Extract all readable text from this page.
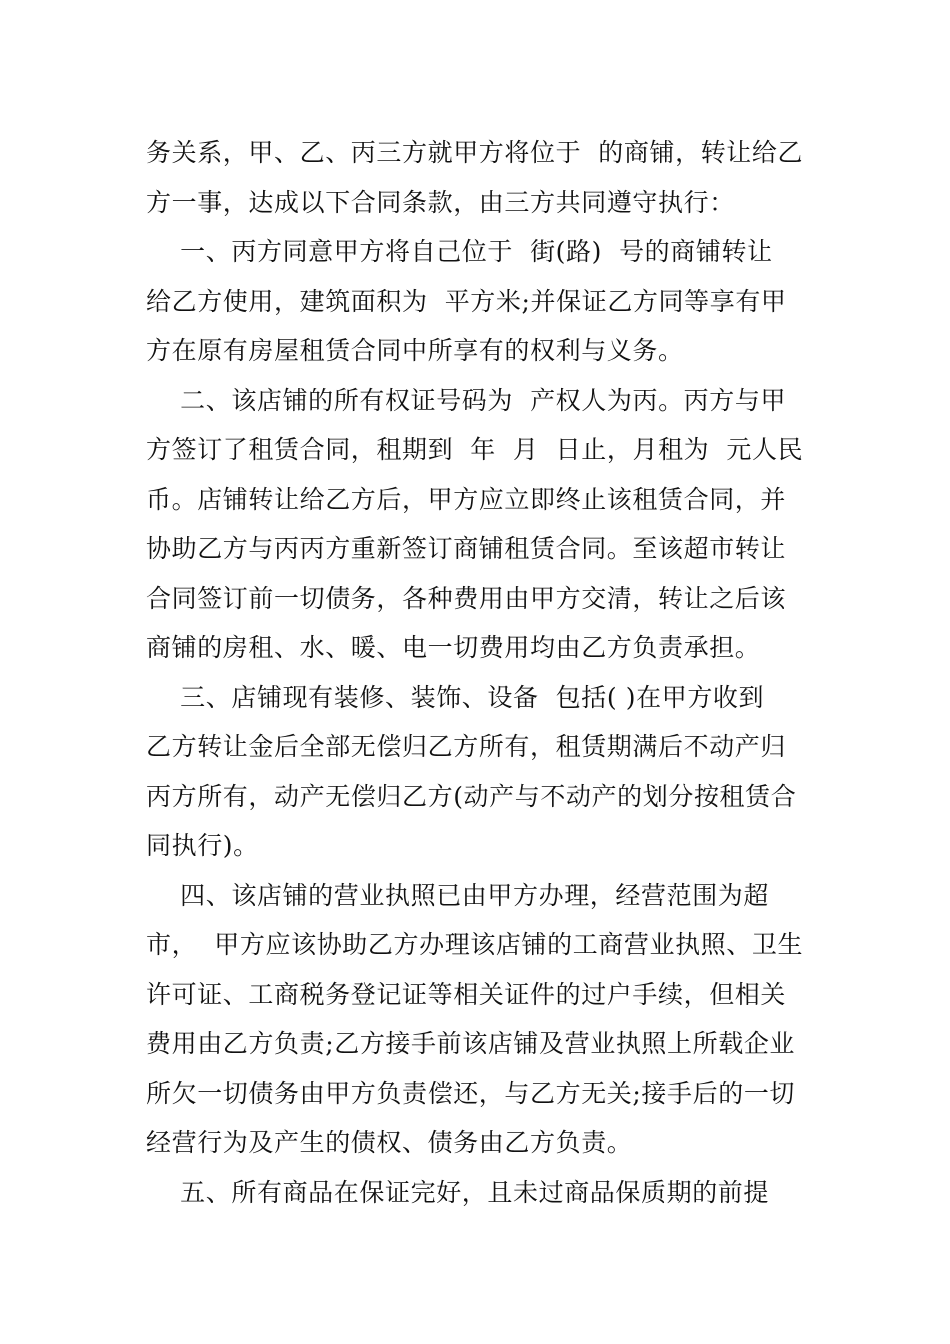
务关系，甲、乙、丙三方就甲方将位于  的商铺，转让给乙
方一事，达成以下合同条款，由三方共同遵守执行：
一、丙方同意甲方将自己位于  街(路)  号的商铺转让
给乙方使用，建筑面积为  平方米;并保证乙方同等享有甲
方在原有房屋租赁合同中所享有的权利与义务。
二、该店铺的所有权证号码为  产权人为丙。丙方与甲
方签订了租赁合同，租期到  年  月  日止，月租为  元人民
币。店铺转让给乙方后，甲方应立即终止该租赁合同，并
协助乙方与丙丙方重新签订商铺租赁合同。至该超市转让
合同签订前一切债务，各种费用由甲方交清，转让之后该
商铺的房租、水、暖、电一切费用均由乙方负责承担。
三、店铺现有装修、装饰、设备  包括( )在甲方收到
乙方转让金后全部无偿归乙方所有，租赁期满后不动产归
丙方所有，动产无偿归乙方(动产与不动产的划分按租赁合
同执行)。
四、该店铺的营业执照已由甲方办理，经营范围为超
市，  甲方应该协助乙方办理该店铺的工商营业执照、卫生
许可证、工商税务登记证等相关证件的过户手续，但相关
费用由乙方负责;乙方接手前该店铺及营业执照上所载企业
所欠一切债务由甲方负责偿还，与乙方无关;接手后的一切
经营行为及产生的债权、债务由乙方负责。
五、所有商品在保证完好，且未过商品保质期的前提
